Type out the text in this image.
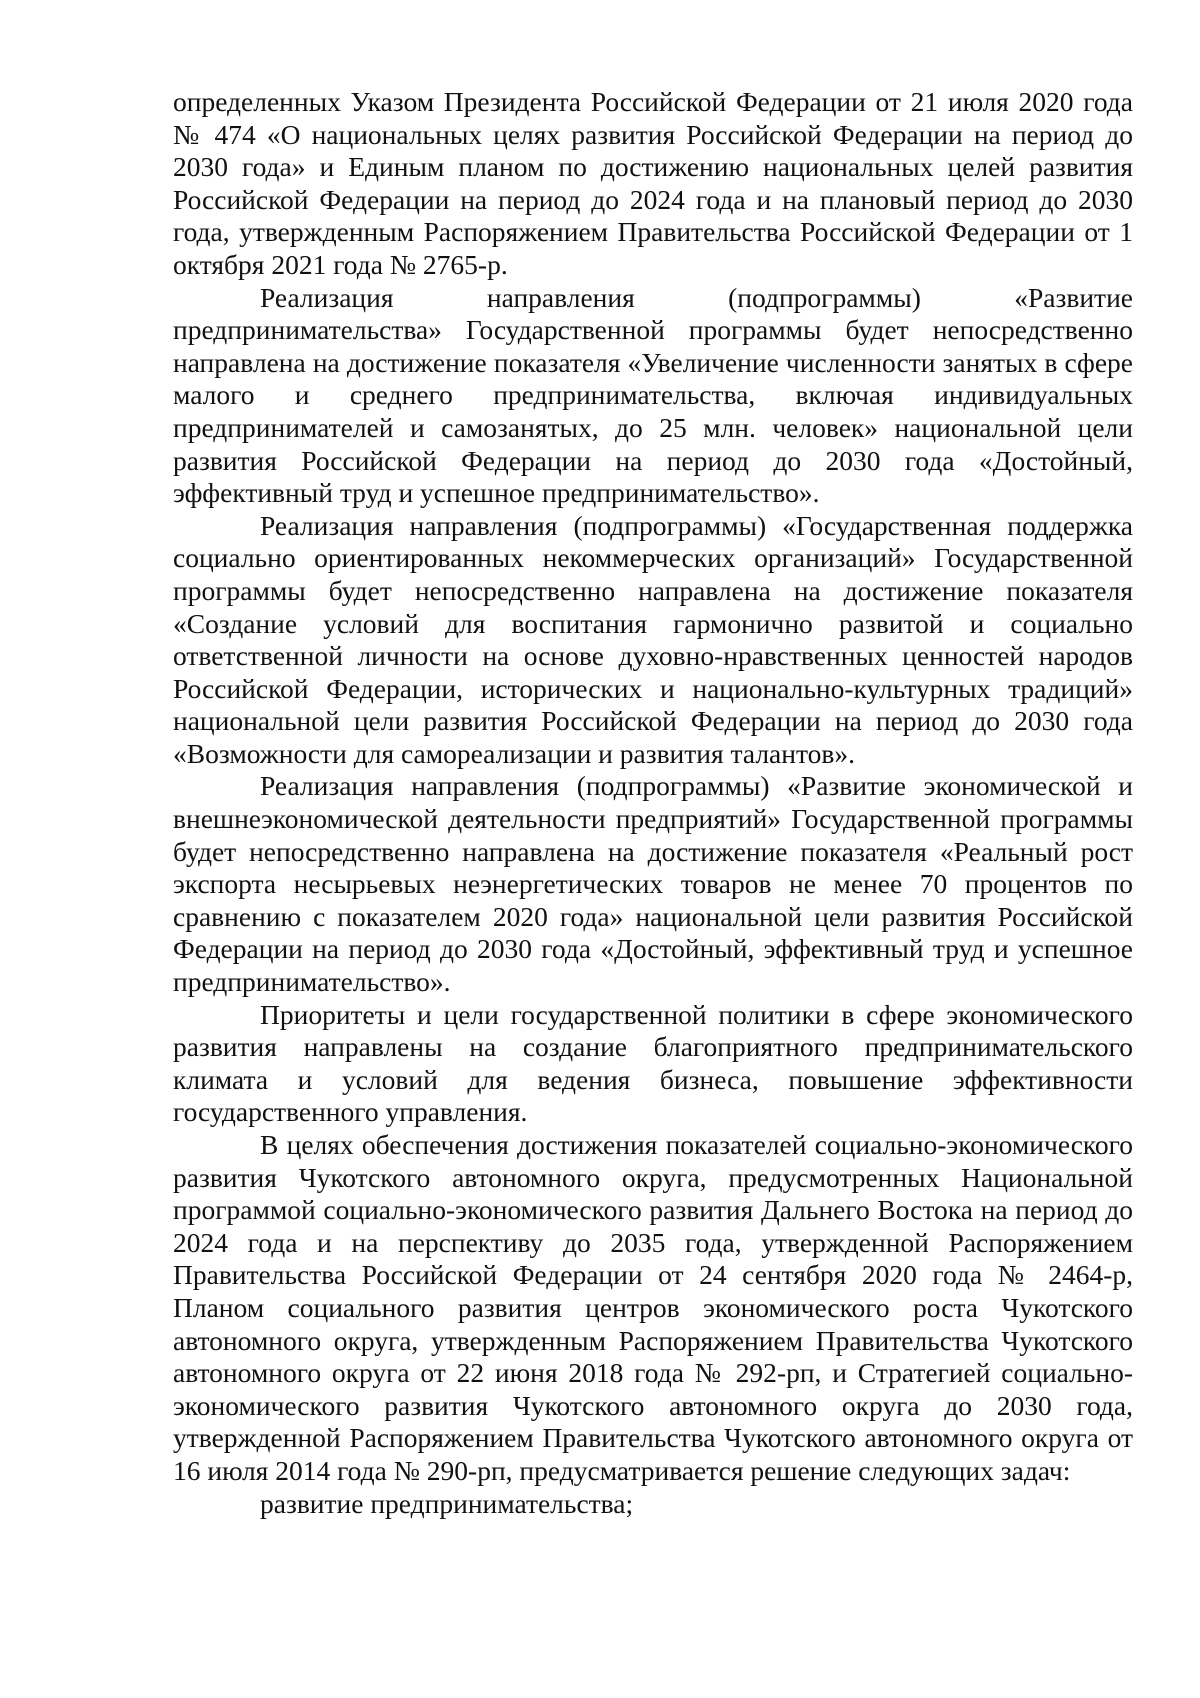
определенных Указом Президента Российской Федерации от 21 июля 2020 года № 474 «О национальных целях развития Российской Федерации на период до 2030 года» и Единым планом по достижению национальных целей развития Российской Федерации на период до 2024 года и на плановый период до 2030 года, утвержденным Распоряжением Правительства Российской Федерации от 1 октября 2021 года № 2765-р.

Реализация направления (подпрограммы) «Развитие предпринимательства» Государственной программы будет непосредственно направлена на достижение показателя «Увеличение численности занятых в сфере малого и среднего предпринимательства, включая индивидуальных предпринимателей и самозанятых, до 25 млн. человек» национальной цели развития Российской Федерации на период до 2030 года «Достойный, эффективный труд и успешное предпринимательство».

Реализация направления (подпрограммы) «Государственная поддержка социально ориентированных некоммерческих организаций» Государственной программы будет непосредственно направлена на достижение показателя «Создание условий для воспитания гармонично развитой и социально ответственной личности на основе духовно-нравственных ценностей народов Российской Федерации, исторических и национально-культурных традиций» национальной цели развития Российской Федерации на период до 2030 года «Возможности для самореализации и развития талантов».

Реализация направления (подпрограммы) «Развитие экономической и внешнеэкономической деятельности предприятий» Государственной программы будет непосредственно направлена на достижение показателя «Реальный рост экспорта несырьевых неэнергетических товаров не менее 70 процентов по сравнению с показателем 2020 года» национальной цели развития Российской Федерации на период до 2030 года «Достойный, эффективный труд и успешное предпринимательство».

Приоритеты и цели государственной политики в сфере экономического развития направлены на создание благоприятного предпринимательского климата и условий для ведения бизнеса, повышение эффективности государственного управления.

В целях обеспечения достижения показателей социально-экономического развития Чукотского автономного округа, предусмотренных Национальной программой социально-экономического развития Дальнего Востока на период до 2024 года и на перспективу до 2035 года, утвержденной Распоряжением Правительства Российской Федерации от 24 сентября 2020 года № 2464-р, Планом социального развития центров экономического роста Чукотского автономного округа, утвержденным Распоряжением Правительства Чукотского автономного округа от 22 июня 2018 года № 292-рп, и Стратегией социально-экономического развития Чукотского автономного округа до 2030 года, утвержденной Распоряжением Правительства Чукотского автономного округа от 16 июля 2014 года № 290-рп, предусматривается решение следующих задач:

развитие предпринимательства;
